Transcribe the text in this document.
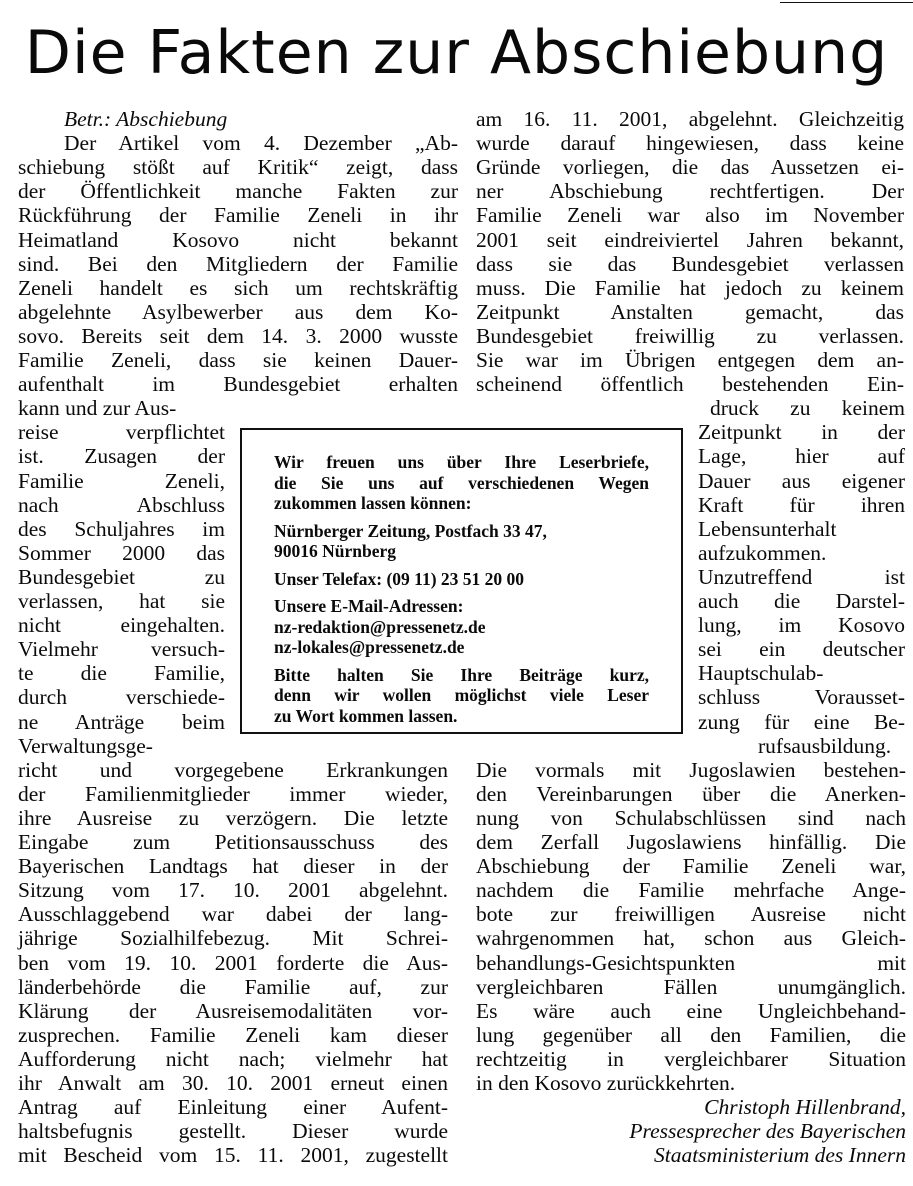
Die Fakten zur Abschiebung
Betr.: Abschiebung
Der Artikel vom 4. Dezember „Ab-
schiebung stößt auf Kritik“ zeigt, dass
der Öffentlichkeit manche Fakten zur
Rückführung der Familie Zeneli in ihr
Heimatland Kosovo nicht bekannt
sind. Bei den Mitgliedern der Familie
Zeneli handelt es sich um rechtskräftig
abgelehnte Asylbewerber aus dem Ko-
sovo. Bereits seit dem 14. 3. 2000 wusste
Familie Zeneli, dass sie keinen Dauer-
aufenthalt im Bundesgebiet erhalten
kann und zur Aus-
reise verpflichtet
ist. Zusagen der
Familie Zeneli,
nach Abschluss
des Schuljahres im
Sommer 2000 das
Bundesgebiet zu
verlassen, hat sie
nicht eingehalten.
Vielmehr versuch-
te die Familie,
durch verschiede-
ne Anträge beim
Verwaltungsge-
richt und vorgegebene Erkrankungen
der Familienmitglieder immer wieder,
ihre Ausreise zu verzögern. Die letzte
Eingabe zum Petitionsausschuss des
Bayerischen Landtags hat dieser in der
Sitzung vom 17. 10. 2001 abgelehnt.
Ausschlaggebend war dabei der lang-
jährige Sozialhilfebezug. Mit Schrei-
ben vom 19. 10. 2001 forderte die Aus-
länderbehörde die Familie auf, zur
Klärung der Ausreisemodalitäten vor-
zusprechen. Familie Zeneli kam dieser
Aufforderung nicht nach; vielmehr hat
ihr Anwalt am 30. 10. 2001 erneut einen
Antrag auf Einleitung einer Aufent-
haltsbefugnis gestellt. Dieser wurde
mit Bescheid vom 15. 11. 2001, zugestellt
am 16. 11. 2001, abgelehnt. Gleichzeitig
wurde darauf hingewiesen, dass keine
Gründe vorliegen, die das Aussetzen ei-
ner Abschiebung rechtfertigen. Der
Familie Zeneli war also im November
2001 seit eindreiviertel Jahren bekannt,
dass sie das Bundesgebiet verlassen
muss. Die Familie hat jedoch zu keinem
Zeitpunkt Anstalten gemacht, das
Bundesgebiet freiwillig zu verlassen.
Sie war im Übrigen entgegen dem an-
scheinend öffentlich bestehenden Ein-
druck zu keinem
Zeitpunkt in der
Lage, hier auf
Dauer aus eigener
Kraft für ihren
Lebensunterhalt
aufzukommen.
Unzutreffend ist
auch die Darstel-
lung, im Kosovo
sei ein deutscher
Hauptschulab-
schluss Vorausset-
zung für eine Be-
rufsausbildung.
Die vormals mit Jugoslawien bestehen-
den Vereinbarungen über die Anerken-
nung von Schulabschlüssen sind nach
dem Zerfall Jugoslawiens hinfällig. Die
Abschiebung der Familie Zeneli war,
nachdem die Familie mehrfache Ange-
bote zur freiwilligen Ausreise nicht
wahrgenommen hat, schon aus Gleich-
behandlungs-Gesichtspunkten mit
vergleichbaren Fällen unumgänglich.
Es wäre auch eine Ungleichbehand-
lung gegenüber all den Familien, die
rechtzeitig in vergleichbarer Situation
in den Kosovo zurückkehrten.
Christoph Hillenbrand,
Pressesprecher des Bayerischen
Staatsministerium des Innern
Wir freuen uns über Ihre Leserbriefe,
die Sie uns auf verschiedenen Wegen
zukommen lassen können:
Nürnberger Zeitung, Postfach 33 47,
90016 Nürnberg
Unser Telefax: (09 11) 23 51 20 00
Unsere E-Mail-Adressen:
nz-redaktion@pressenetz.de
nz-lokales@pressenetz.de
Bitte halten Sie Ihre Beiträge kurz,
denn wir wollen möglichst viele Leser
zu Wort kommen lassen.
